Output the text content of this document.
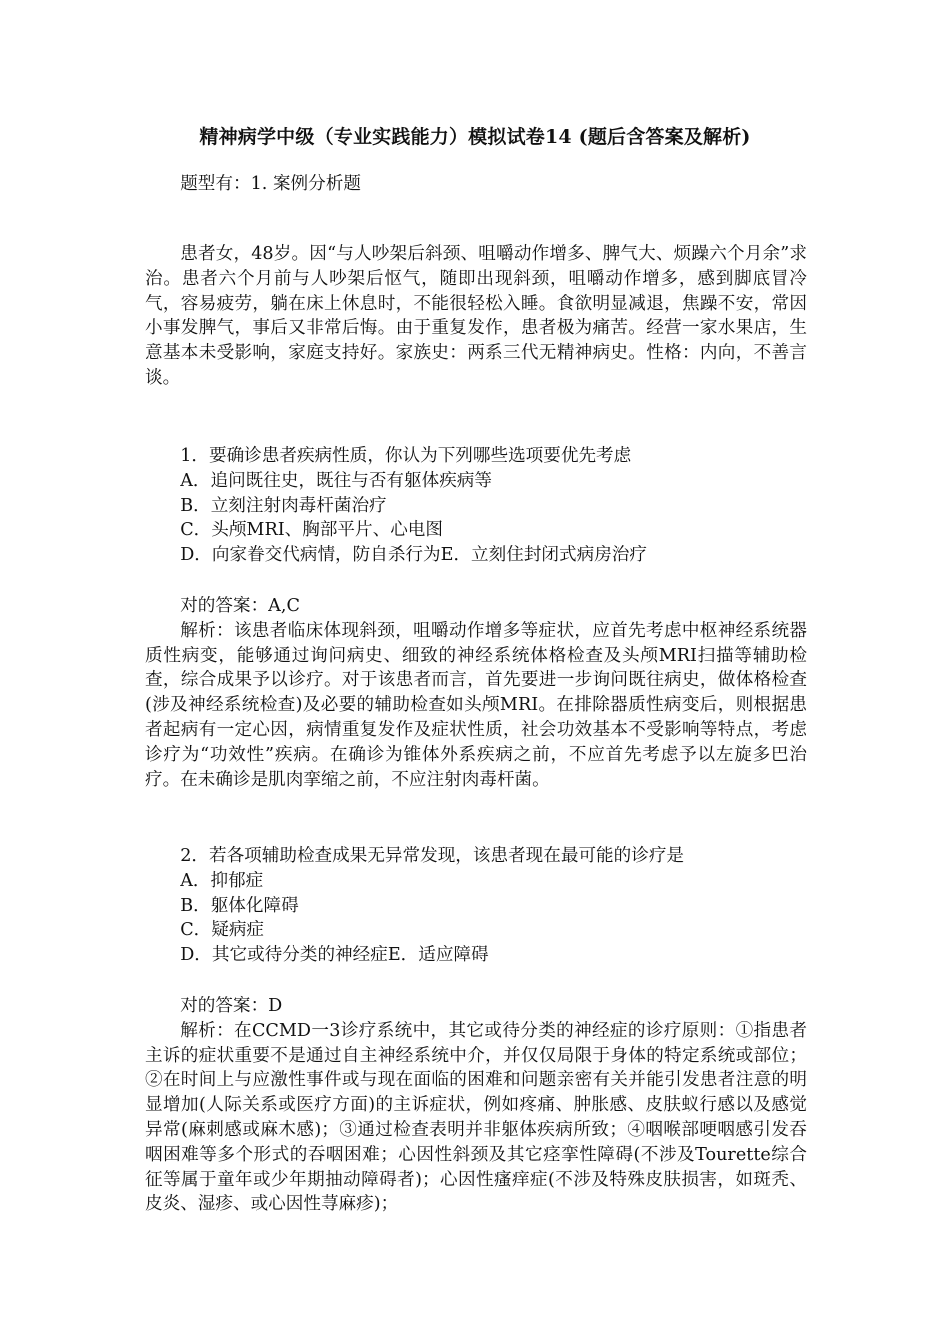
精神病学中级（专业实践能力）模拟试卷14 (题后含答案及解析)

题型有：1. 案例分析题

患者女，48岁。因“与人吵架后斜颈、咀嚼动作增多、脾气大、烦躁六个月余”求治。患者六个月前与人吵架后怄气，随即出现斜颈，咀嚼动作增多，感到脚底冒冷气，容易疲劳，躺在床上休息时，不能很轻松入睡。食欲明显减退，焦躁不安，常因小事发脾气，事后又非常后悔。由于重复发作，患者极为痛苦。经营一家水果店，生意基本未受影响，家庭支持好。家族史：两系三代无精神病史。性格：内向，不善言谈。

1．要确诊患者疾病性质，你认为下列哪些选项要优先考虑

A．追问既往史，既往与否有躯体疾病等

B．立刻注射肉毒杆菌治疗

C．头颅MRI、胸部平片、心电图

D．向家眷交代病情，防自杀行为E．立刻住封闭式病房治疗

对的答案：A,C

解析：该患者临床体现斜颈，咀嚼动作增多等症状，应首先考虑中枢神经系统器质性病变，能够通过询问病史、细致的神经系统体格检查及头颅MRI扫描等辅助检查，综合成果予以诊疗。对于该患者而言，首先要进一步询问既往病史，做体格检查(涉及神经系统检查)及必要的辅助检查如头颅MRI。在排除器质性病变后，则根据患者起病有一定心因，病情重复发作及症状性质，社会功效基本不受影响等特点，考虑诊疗为“功效性”疾病。在确诊为锥体外系疾病之前，不应首先考虑予以左旋多巴治疗。在未确诊是肌肉挛缩之前，不应注射肉毒杆菌。

2．若各项辅助检查成果无异常发现，该患者现在最可能的诊疗是

A．抑郁症

B．躯体化障碍

C．疑病症

D．其它或待分类的神经症E．适应障碍

对的答案：D

解析：在CCMD一3诊疗系统中，其它或待分类的神经症的诊疗原则：①指患者主诉的症状重要不是通过自主神经系统中介，并仅仅局限于身体的特定系统或部位；②在时间上与应激性事件或与现在面临的困难和问题亲密有关并能引发患者注意的明显增加(人际关系或医疗方面)的主诉症状，例如疼痛、肿胀感、皮肤蚁行感以及感觉异常(麻刺感或麻木感)；③通过检查表明并非躯体疾病所致；④咽喉部哽咽感引发吞咽困难等多个形式的吞咽困难；心因性斜颈及其它痉挛性障碍(不涉及Tourette综合征等属于童年或少年期抽动障碍者)；心因性瘙痒症(不涉及特殊皮肤损害，如斑秃、皮炎、湿疹、或心因性荨麻疹)；
